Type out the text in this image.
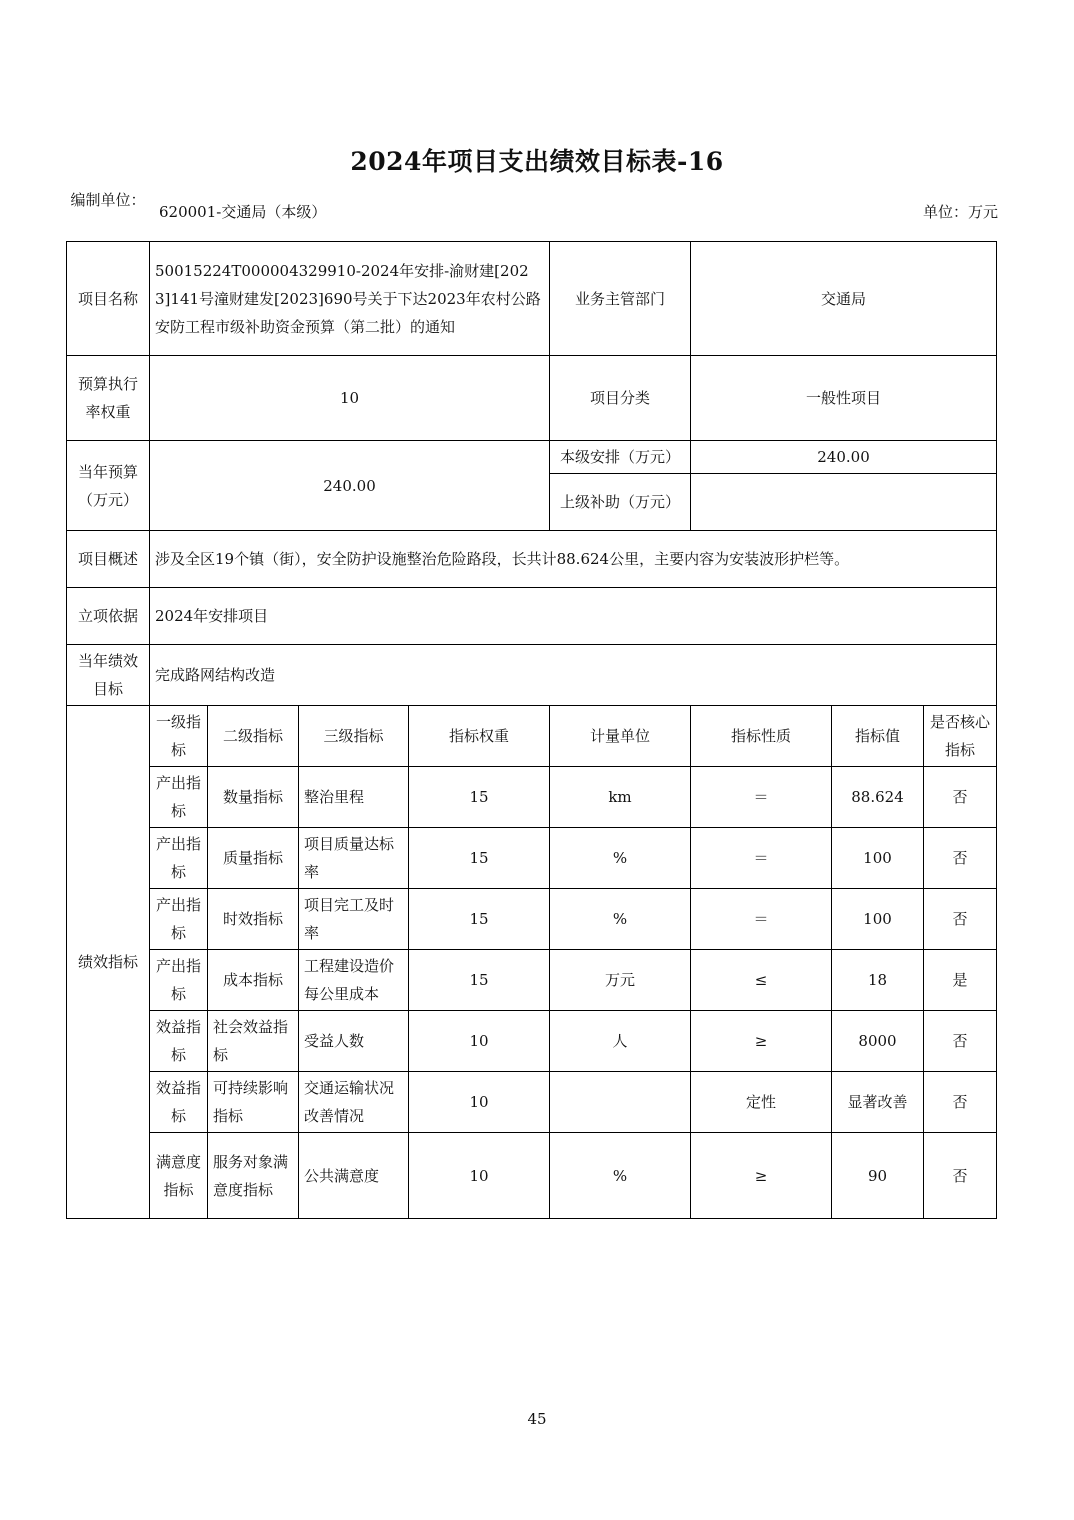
2024年项目支出绩效目标表-16
编制单位：
620001-交通局（本级）	单位：万元
项目名称	50015224T000004329910-2024年安排-渝财建[2023]141号潼财建发[2023]690号关于下达2023年农村公路安防工程市级补助资金预算（第二批）的通知				业务主管部门	交通局		
预算执行率权重	10				项目分类	一般性项目		
当年预算（万元）	240.00				本级安排（万元）	240.00		
					上级补助（万元）			
项目概述	涉及全区19个镇（街），安全防护设施整治危险路段，长共计88.624公里，主要内容为安装波形护栏等。							
立项依据	2024年安排项目							
当年绩效目标	完成路网结构改造							
绩效指标	一级指标	二级指标	三级指标	指标权重	计量单位	指标性质	指标值	是否核心指标
	产出指标	数量指标	整治里程	15	km	＝	88.624	否
	产出指标	质量指标	项目质量达标率	15	%	＝	100	否
	产出指标	时效指标	项目完工及时率	15	%	＝	100	否
	产出指标	成本指标	工程建设造价每公里成本	15	万元	≤	18	是
	效益指标	社会效益指标	受益人数	10	人	≥	8000	否
	效益指标	可持续影响指标	交通运输状况改善情况	10		定性	显著改善	否
	满意度指标	服务对象满意度指标	公共满意度	10	%	≥	90	否
45
